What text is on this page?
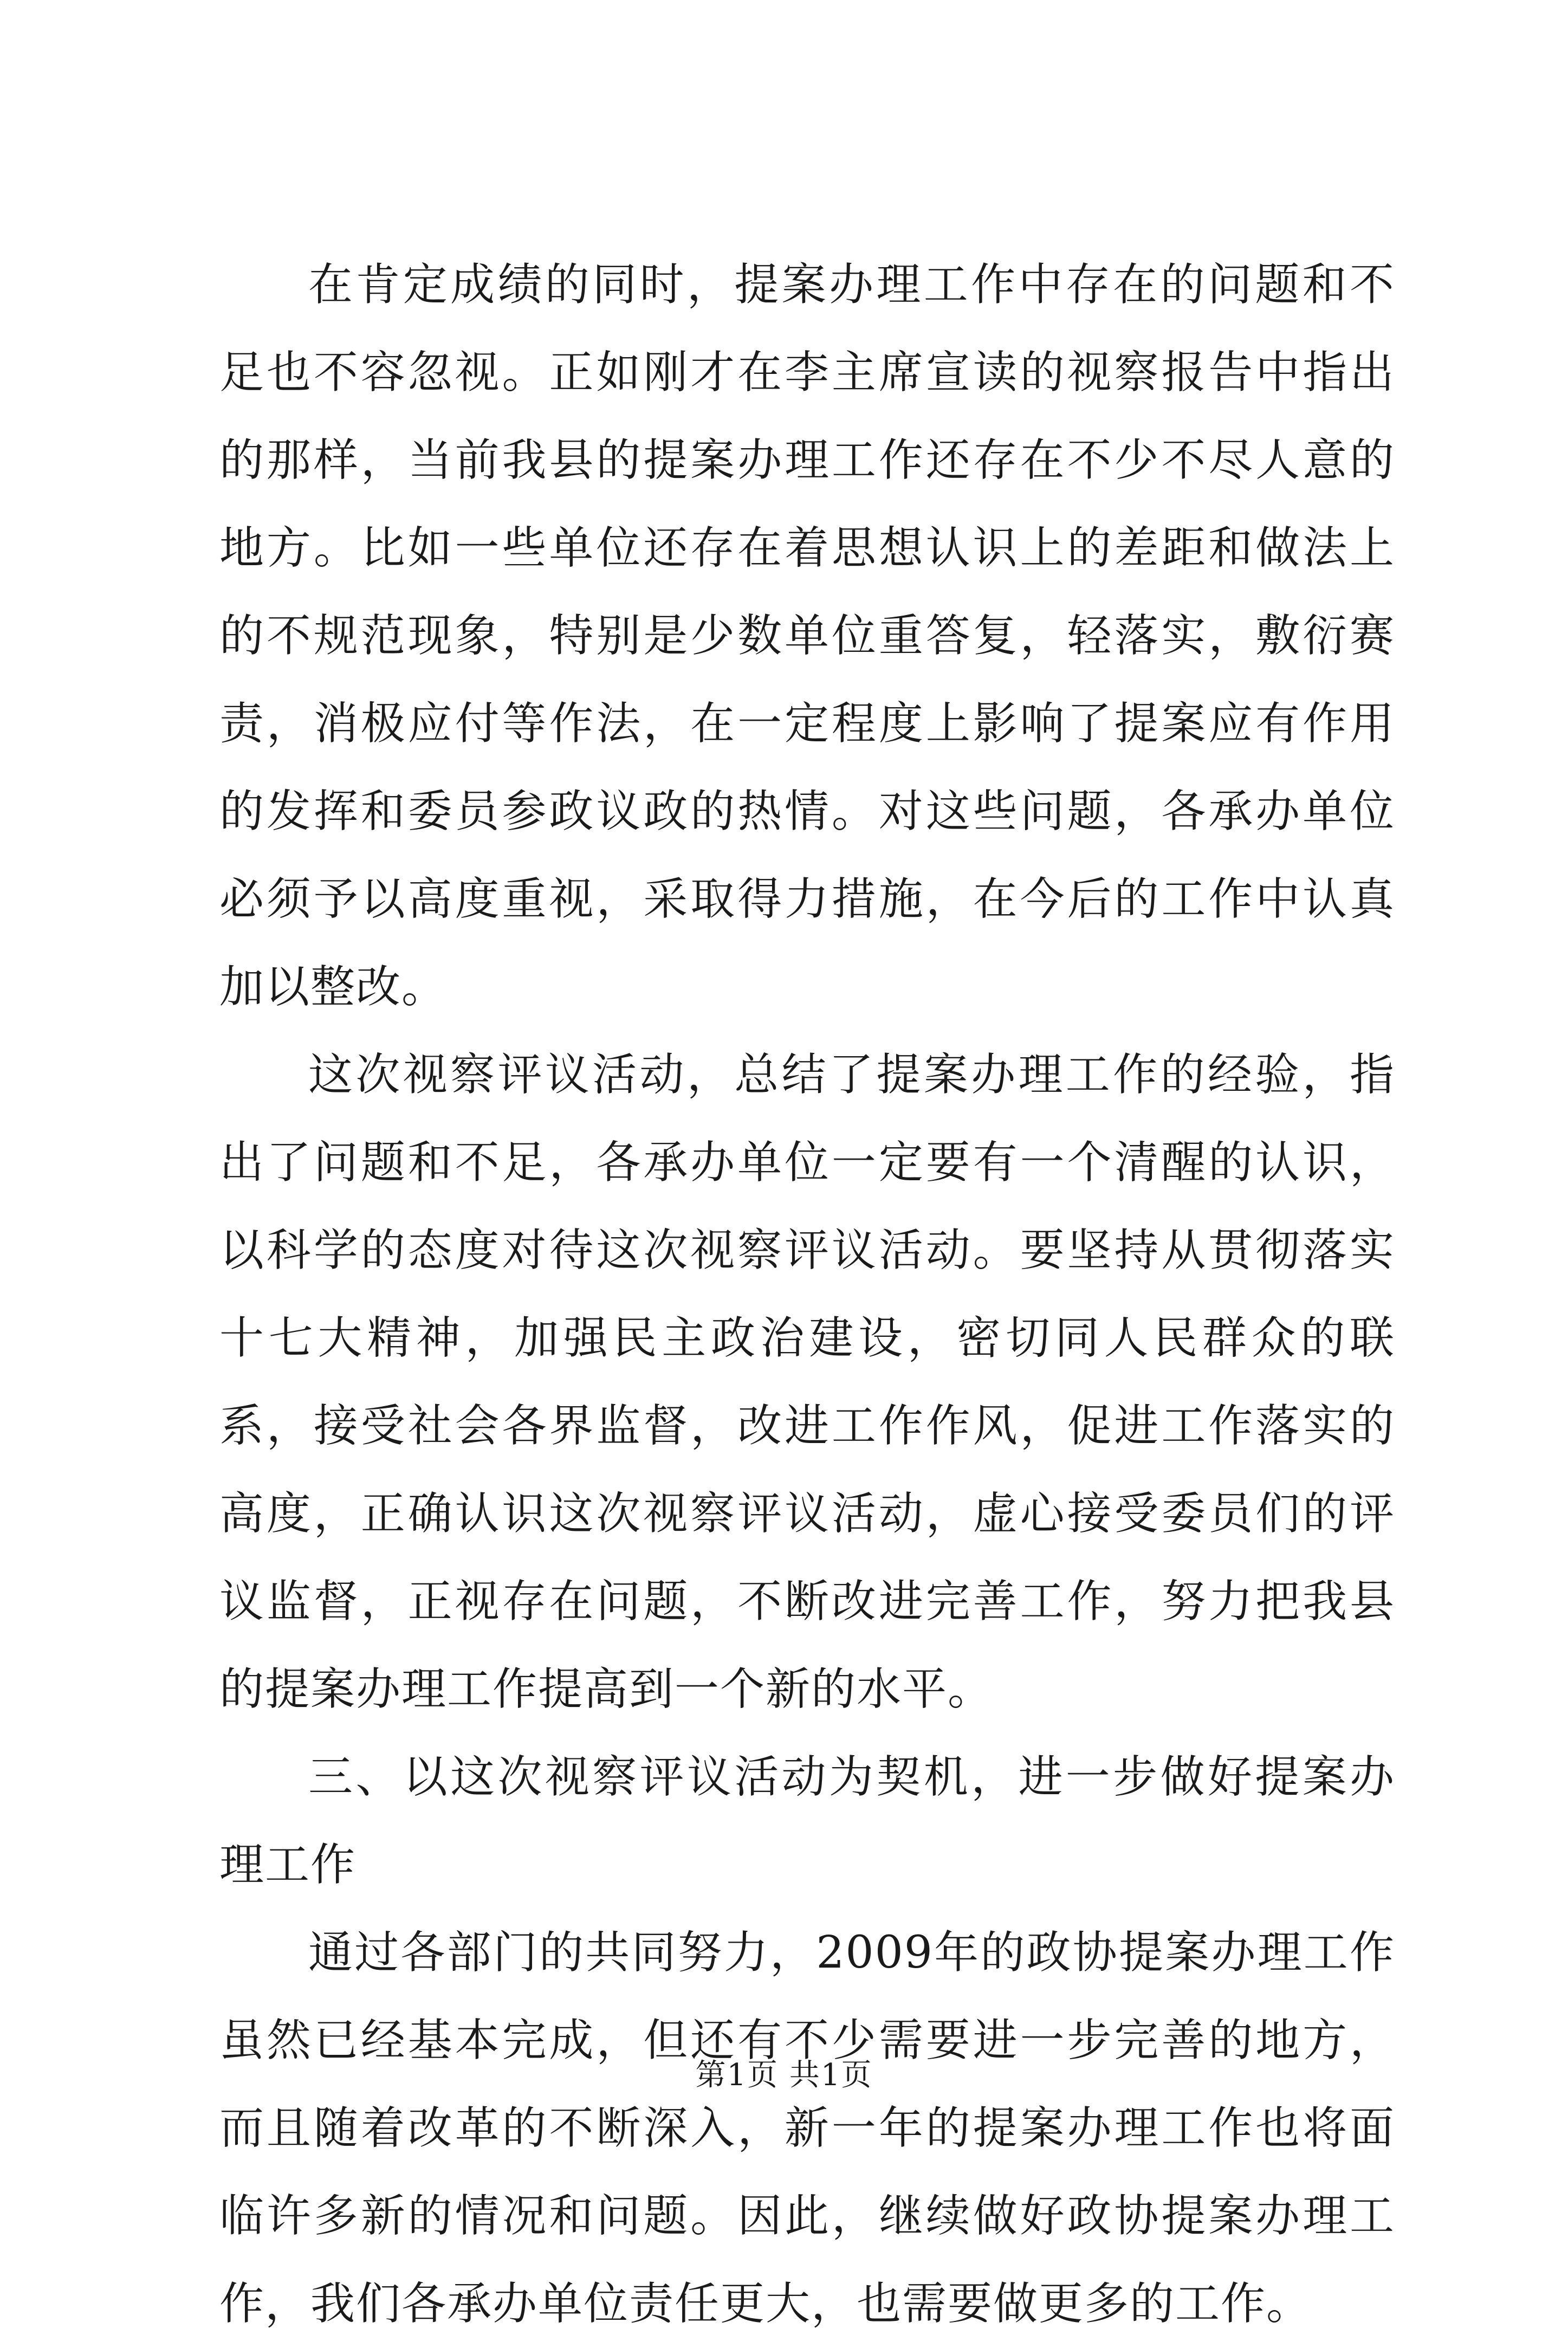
在肯定成绩的同时，提案办理工作中存在的问题和不足也不容忽视。正如刚才在李主席宣读的视察报告中指出的那样，当前我县的提案办理工作还存在不少不尽人意的地方。比如一些单位还存在着思想认识上的差距和做法上的不规范现象，特别是少数单位重答复，轻落实，敷衍赛责，消极应付等作法，在一定程度上影响了提案应有作用的发挥和委员参政议政的热情。对这些问题，各承办单位必须予以高度重视，采取得力措施，在今后的工作中认真加以整改。

这次视察评议活动，总结了提案办理工作的经验，指出了问题和不足，各承办单位一定要有一个清醒的认识，以科学的态度对待这次视察评议活动。要坚持从贯彻落实十七大精神，加强民主政治建设，密切同人民群众的联系，接受社会各界监督，改进工作作风，促进工作落实的高度，正确认识这次视察评议活动，虚心接受委员们的评议监督，正视存在问题，不断改进完善工作，努力把我县的提案办理工作提高到一个新的水平。

三、以这次视察评议活动为契机，进一步做好提案办理工作

通过各部门的共同努力，2009年的政协提案办理工作虽然已经基本完成，但还有不少需要进一步完善的地方，而且随着改革的不断深入，新一年的提案办理工作也将面临许多新的情况和问题。因此，继续做好政协提案办理工作，我们各承办单位责任更大，也需要做更多的工作。

第1页 共1页
